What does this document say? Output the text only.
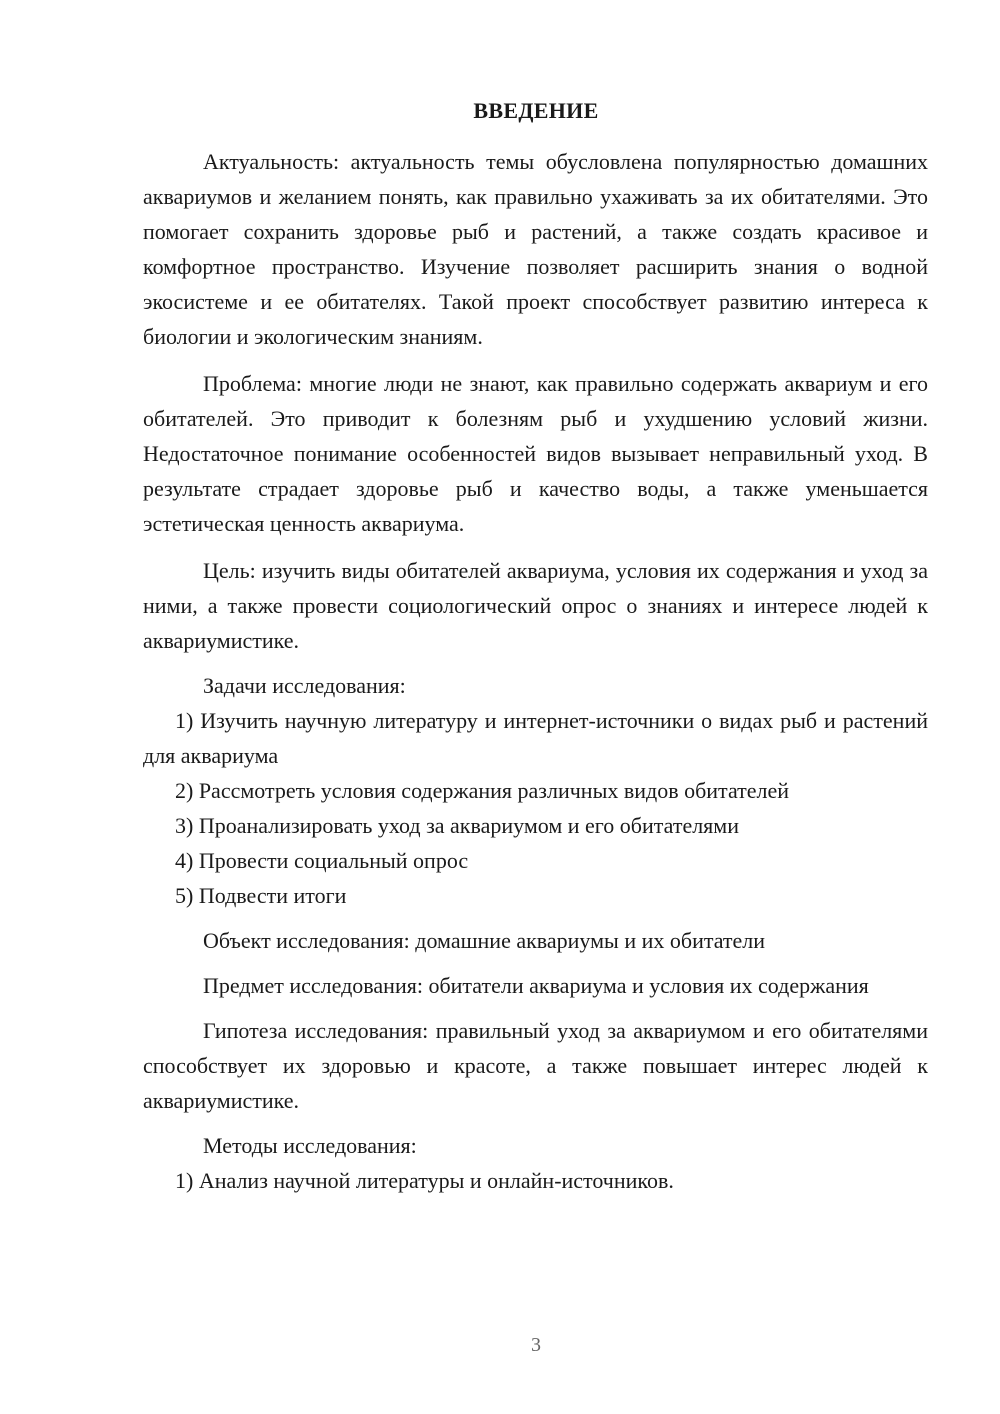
ВВЕДЕНИЕ

Актуальность: актуальность темы обусловлена популярностью домашних аквариумов и желанием понять, как правильно ухаживать за их обитателями. Это помогает сохранить здоровье рыб и растений, а также создать красивое и комфортное пространство. Изучение позволяет расширить знания о водной экосистеме и ее обитателях. Такой проект способствует развитию интереса к биологии и экологическим знаниям.

Проблема: многие люди не знают, как правильно содержать аквариум и его обитателей. Это приводит к болезням рыб и ухудшению условий жизни. Недостаточное понимание особенностей видов вызывает неправильный уход. В результате страдает здоровье рыб и качество воды, а также уменьшается эстетическая ценность аквариума.

Цель: изучить виды обитателей аквариума, условия их содержания и уход за ними, а также провести социологический опрос о знаниях и интересе людей к аквариумистике.

Задачи исследования:

1) Изучить научную литературу и интернет-источники о видах рыб и растений для аквариума

2) Рассмотреть условия содержания различных видов обитателей

3) Проанализировать уход за аквариумом и его обитателями

4) Провести социальный опрос

5) Подвести итоги

Объект исследования: домашние аквариумы и их обитатели

Предмет исследования: обитатели аквариума и условия их содержания

Гипотеза исследования: правильный уход за аквариумом и его обитателями способствует их здоровью и красоте, а также повышает интерес людей к аквариумистике.

Методы исследования:

1) Анализ научной литературы и онлайн-источников.

3
